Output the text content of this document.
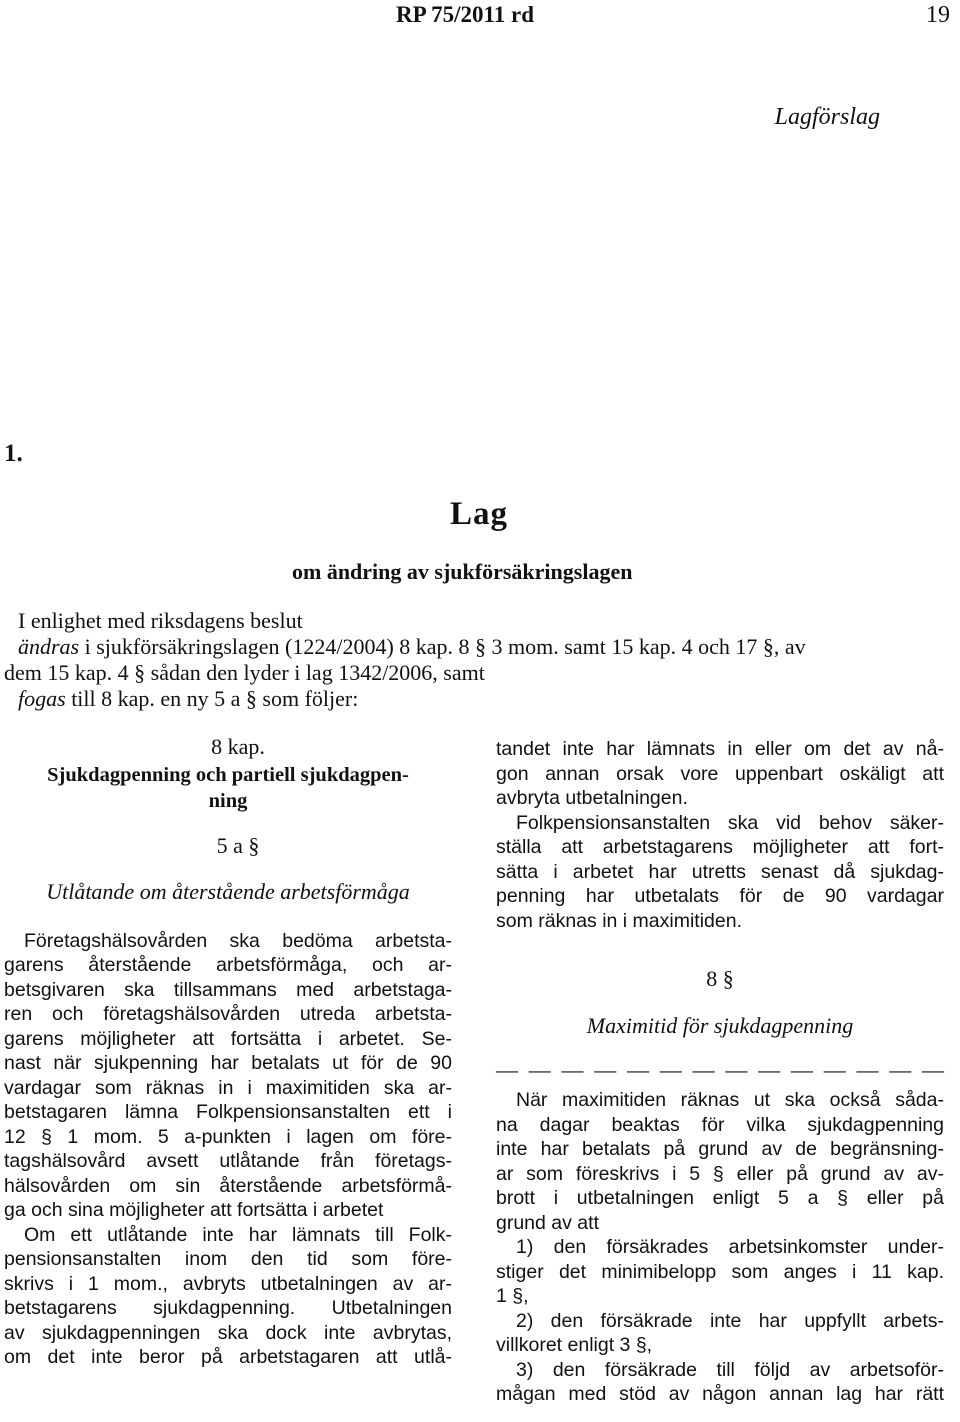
RP 75/2011 rd	19
Lagförslag
1.
Lag
om ändring av sjukförsäkringslagen
I enlighet med riksdagens beslut
ändras i sjukförsäkringslagen (1224/2004) 8 kap. 8 § 3 mom. samt 15 kap. 4 och 17 §, av
dem 15 kap. 4 § sådan den lyder i lag 1342/2006, samt
fogas till 8 kap. en ny 5 a § som följer:
8 kap.
Sjukdagpenning och partiell sjukdagpen-
ning
5 a §
Utlåtande om återstående arbetsförmåga
Företagshälsovården ska bedöma arbetsta-
garens återstående arbetsförmåga, och ar-
betsgivaren ska tillsammans med arbetstaga-
ren och företagshälsovården utreda arbetsta-
garens möjligheter att fortsätta i arbetet. Se-
nast när sjukpenning har betalats ut för de 90
vardagar som räknas in i maximitiden ska ar-
betstagaren lämna Folkpensionsanstalten ett i
12 § 1 mom. 5 a-punkten i lagen om före-
tagshälsovård avsett utlåtande från företags-
hälsovården om sin återstående arbetsförmå-
ga och sina möjligheter att fortsätta i arbetet
Om ett utlåtande inte har lämnats till Folk-
pensionsanstalten inom den tid som före-
skrivs i 1 mom., avbryts utbetalningen av ar-
betstagarens sjukdagpenning. Utbetalningen
av sjukdagpenningen ska dock inte avbrytas,
om det inte beror på arbetstagaren att utlå-
tandet inte har lämnats in eller om det av nå-
gon annan orsak vore uppenbart oskäligt att
avbryta utbetalningen.
Folkpensionsanstalten ska vid behov säker-
ställa att arbetstagarens möjligheter att fort-
sätta i arbetet har utretts senast då sjukdag-
penning har utbetalats för de 90 vardagar
som räknas in i maximitiden.
8 §
Maximitid för sjukdagpenning
— — — — — — — — — — — — — —
När maximitiden räknas ut ska också såda-
na dagar beaktas för vilka sjukdagpenning
inte har betalats på grund av de begränsning-
ar som föreskrivs i 5 § eller på grund av av-
brott i utbetalningen enligt 5 a § eller på
grund av att
1) den försäkrades arbetsinkomster under-
stiger det minimibelopp som anges i 11 kap.
1 §,
2) den försäkrade inte har uppfyllt arbets-
villkoret enligt 3 §,
3) den försäkrade till följd av arbetsoför-
mågan med stöd av någon annan lag har rätt
